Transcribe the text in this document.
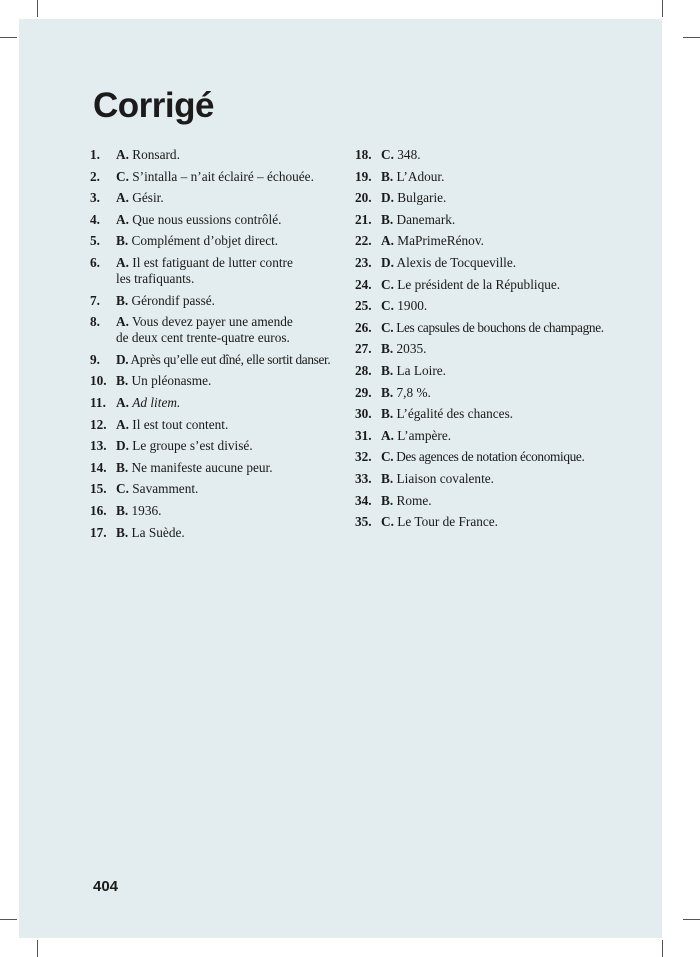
Corrigé
1.	A. Ronsard.
2.	C. S’intalla – n’ait éclairé – échouée.
3.	A. Gésir.
4.	A. Que nous eussions contrôlé.
5.	B. Complément d’objet direct.
6.	A. Il est fatiguant de lutter contre
les trafiquants.
7.	B. Gérondif passé.
8.	A. Vous devez payer une amende
de deux cent trente-quatre euros.
9.	D. Après qu’elle eut dîné, elle sortit danser.
10. B. Un pléonasme.
11. A. Ad litem.
12. A. Il est tout content.
13. D. Le groupe s’est divisé.
14. B. Ne manifeste aucune peur.
15. C. Savamment.
16. B. 1936.
17. B. La Suède.
18. C. 348.
19. B. L’Adour.
20. D. Bulgarie.
21. B. Danemark.
22. A. MaPrimeRénov.
23. D. Alexis de Tocqueville.
24. C. Le président de la République.
25. C. 1900.
26. C. Les capsules de bouchons de champagne.
27. B. 2035.
28. B. La Loire.
29. B. 7,8 %.
30. B. L’égalité des chances.
31. A. L’ampère.
32. C. Des agences de notation économique.
33. B. Liaison covalente.
34. B. Rome.
35. C. Le Tour de France.
404
